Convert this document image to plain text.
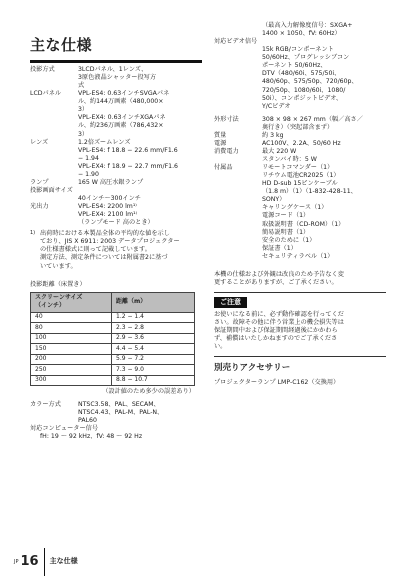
主な仕様
投影方式	3LCDパネル、1レンズ、
3原色液晶シャッター投写方
式
LCDパネル	VPL-ES4: 0.63インチSVGAパネ
ル、約144万画素（480,000×
3）
VPL-EX4: 0.63インチXGAパネ
ル、約236万画素（786,432×
3）
レンズ	1.2倍ズームレンズ
VPL-ES4: f 18.8 − 22.6 mm/F1.6
− 1.94
VPL-EX4: f 18.9 − 22.7 mm/F1.6
− 1.90
ランプ	165 W 高圧水銀ランプ
投影画面サイズ
40インチ〜300インチ
光出力	VPL-ES4: 2200 lm¹⁾
VPL-EX4: 2100 lm¹⁾
（ランプモード 高のとき）
1) 出荷時における本製品全体の平均的な値を示し
ており、JIS X 6911: 2003 データプロジェクター
の仕様書様式に則って記載しています。
測定方法、測定条件については附属書2に基づ
いています。
投影距離（床置き）
スクリーンサイズ
（インチ）	距離（m）
40	1.2 − 1.4
80	2.3 − 2.8
100	2.9 − 3.6
150	4.4 − 5.4
200	5.9 − 7.2
250	7.3 − 9.0
300	8.8 − 10.7
（設計値のため多少の誤差あり）
カラー方式	NTSC3.58、PAL、SECAM、
NTSC4.43、PAL-M、PAL-N、
PAL60
対応コンピューター信号
fH: 19 〜 92 kHz、fV: 48 〜 92 Hz
（最高入力解像度信号：SXGA+
1400 × 1050、fV: 60Hz）
対応ビデオ信号
15k RGB/コンポーネント
50/60Hz、プログレッシブコン
ポーネント 50/60Hz、
DTV（480/60i、575/50i、
480/60p、575/50p、720/60p、
720/50p、1080/60i、1080/
50i）、コンポジットビデオ、
Y/Cビデオ
外形寸法	308 × 98 × 267 mm（幅／高さ／
奥行き）（突起部含まず）
質量	約 3 kg
電源	AC100V、2.2A、50/60 Hz
消費電力	最大 220 W
スタンバイ時：5 W
付属品	リモートコマンダー（1）
リチウム電池CR2025（1）
HD D-sub 15ピンケーブル
（1.8 m）（1）（1-832-428-11、
SONY）
キャリングケース（1）
電源コード（1）
取扱説明書（CD-ROM）（1）
簡易説明書（1）
安全のために（1）
保証書（1）
セキュリティラベル（1）
本機の仕様および外観は改良のため予告なく変
更することがありますが、ご了承ください。
ご注意
お使いになる前に、必ず動作確認を行ってくだ
さい。故障その他に伴う営業上の機会損失等は
保証期間中および保証期間経過後にかかわら
ず、補償はいたしかねますのでご了承くださ
い。
別売りアクセサリー
プロジェクターランプ LMP-C162（交換用）
JP 16 主な仕様
